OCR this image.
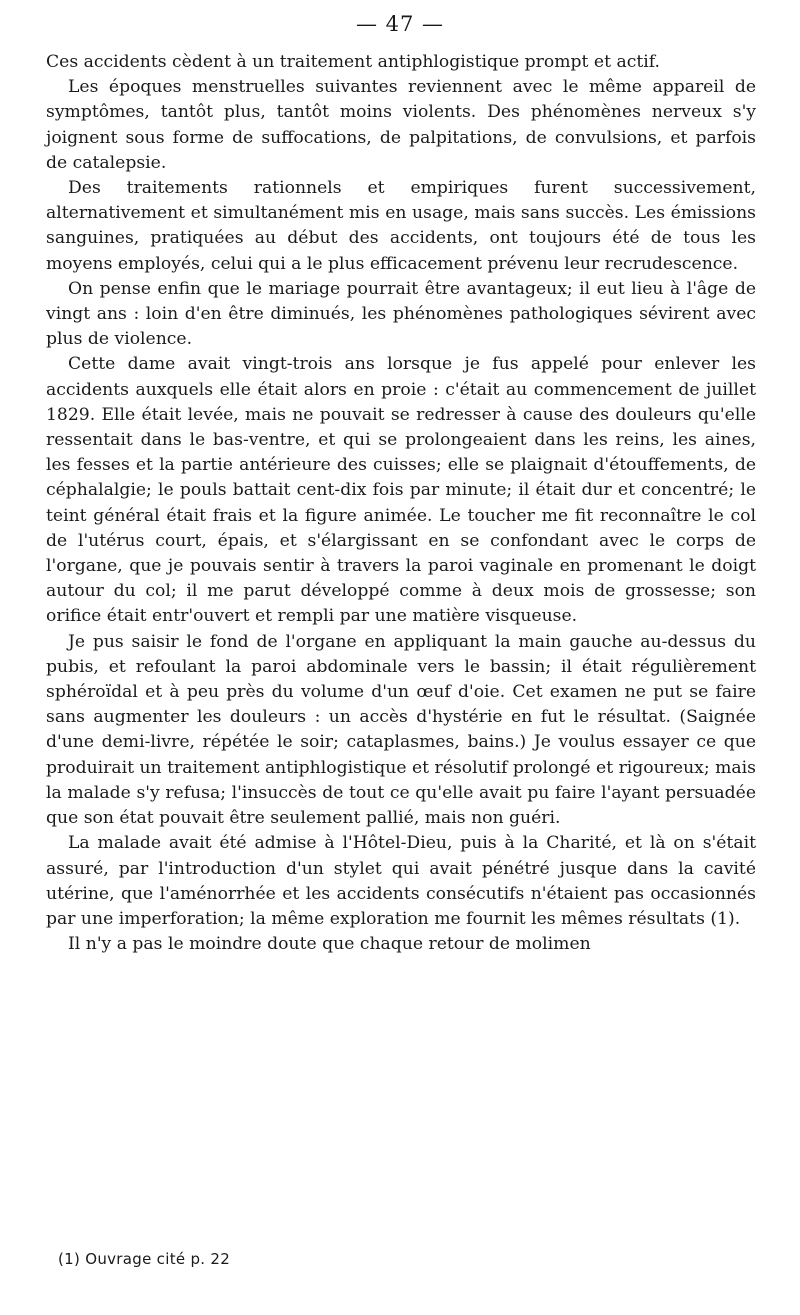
— 47 —

Ces accidents cèdent à un traitement antiphlogistique prompt et actif.

Les époques menstruelles suivantes reviennent avec le même appareil de symptômes, tantôt plus, tantôt moins violents. Des phénomènes nerveux s'y joignent sous forme de suffocations, de palpitations, de convulsions, et parfois de catalepsie.

Des traitements rationnels et empiriques furent successivement, alternativement et simultanément mis en usage, mais sans succès. Les émissions sanguines, pratiquées au début des accidents, ont toujours été de tous les moyens employés, celui qui a le plus efficacement prévenu leur recrudescence.

On pense enfin que le mariage pourrait être avantageux; il eut lieu à l'âge de vingt ans : loin d'en être diminués, les phénomènes pathologiques sévirent avec plus de violence.

Cette dame avait vingt-trois ans lorsque je fus appelé pour enlever les accidents auxquels elle était alors en proie : c'était au commencement de juillet 1829. Elle était levée, mais ne pouvait se redresser à cause des douleurs qu'elle ressentait dans le bas-ventre, et qui se prolongeaient dans les reins, les aines, les fesses et la partie antérieure des cuisses; elle se plaignait d'étouffements, de céphalalgie; le pouls battait cent-dix fois par minute; il était dur et concentré; le teint général était frais et la figure animée. Le toucher me fit reconnaître le col de l'utérus court, épais, et s'élargissant en se confondant avec le corps de l'organe, que je pouvais sentir à travers la paroi vaginale en promenant le doigt autour du col; il me parut développé comme à deux mois de grossesse; son orifice était entr'ouvert et rempli par une matière visqueuse.

Je pus saisir le fond de l'organe en appliquant la main gauche au-dessus du pubis, et refoulant la paroi abdominale vers le bassin; il était régulièrement sphéroïdal et à peu près du volume d'un œuf d'oie. Cet examen ne put se faire sans augmenter les douleurs : un accès d'hystérie en fut le résultat. (Saignée d'une demi-livre, répétée le soir; cataplasmes, bains.) Je voulus essayer ce que produirait un traitement antiphlogistique et résolutif prolongé et rigoureux; mais la malade s'y refusa; l'insuccès de tout ce qu'elle avait pu faire l'ayant persuadée que son état pouvait être seulement pallié, mais non guéri.

La malade avait été admise à l'Hôtel-Dieu, puis à la Charité, et là on s'était assuré, par l'introduction d'un stylet qui avait pénétré jusque dans la cavité utérine, que l'aménorrhée et les accidents consécutifs n'étaient pas occasionnés par une imperforation; la même exploration me fournit les mêmes résultats (1).

Il n'y a pas le moindre doute que chaque retour de molimen

(1) Ouvrage cité p. 22
